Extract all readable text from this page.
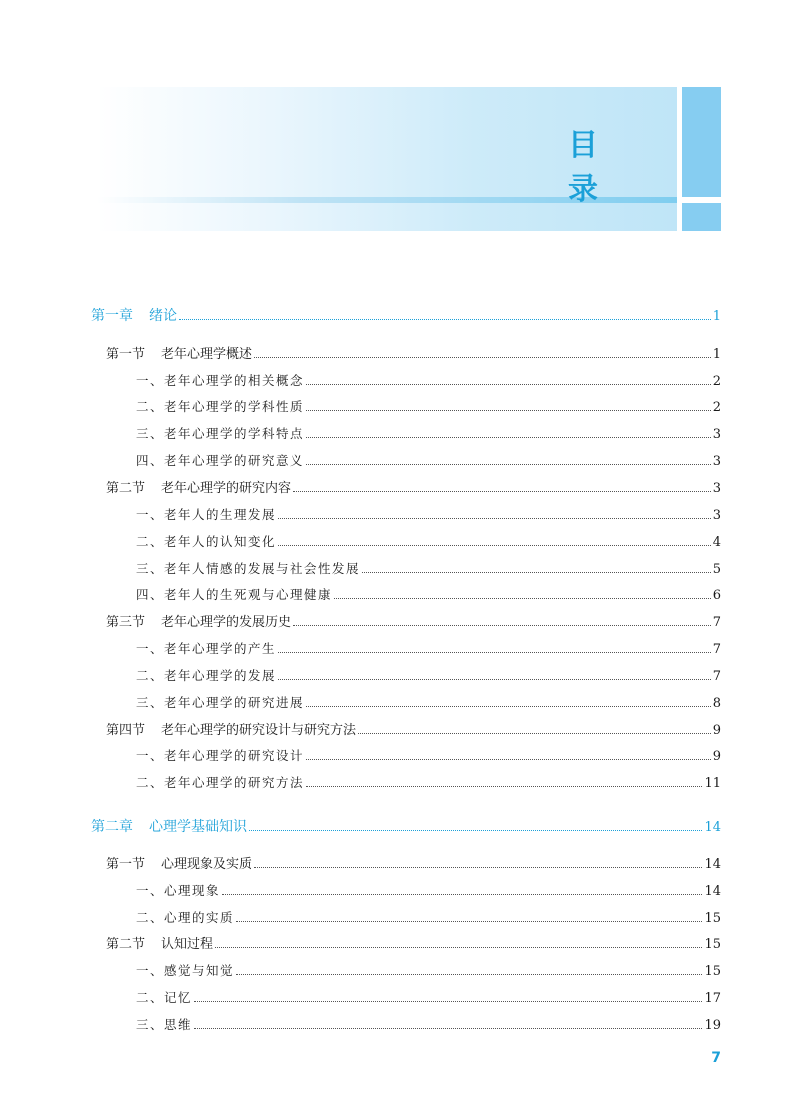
目　录
第一章 绪论	1
第一节 老年心理学概述	1
一、老年心理学的相关概念	2
二、老年心理学的学科性质	2
三、老年心理学的学科特点	3
四、老年心理学的研究意义	3
第二节 老年心理学的研究内容	3
一、老年人的生理发展	3
二、老年人的认知变化	4
三、老年人情感的发展与社会性发展	5
四、老年人的生死观与心理健康	6
第三节 老年心理学的发展历史	7
一、老年心理学的产生	7
二、老年心理学的发展	7
三、老年心理学的研究进展	8
第四节 老年心理学的研究设计与研究方法	9
一、老年心理学的研究设计	9
二、老年心理学的研究方法	11
第二章 心理学基础知识	14
第一节 心理现象及实质	14
一、心理现象	14
二、心理的实质	15
第二节 认知过程	15
一、感觉与知觉	15
二、记忆	17
三、思维	19
7
